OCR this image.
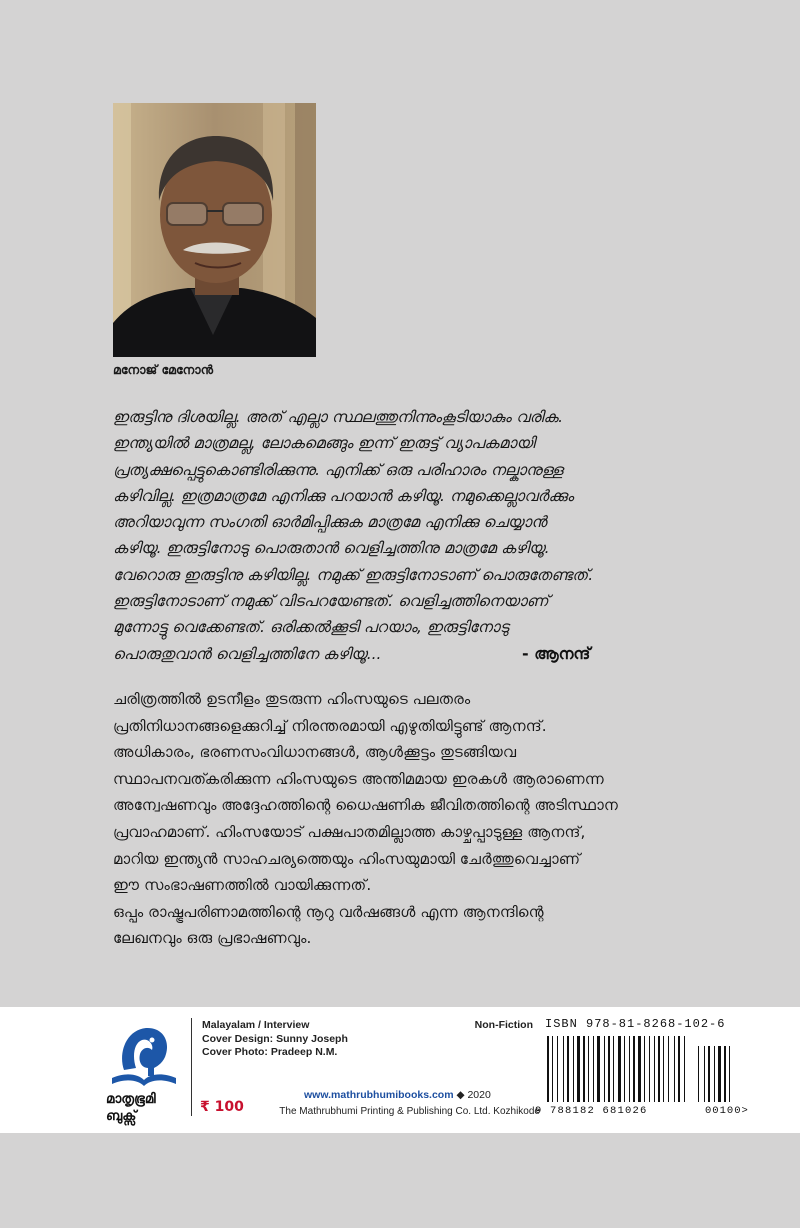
മനോജ് മേനോൻ
ഇരുട്ടിനു ദിശയില്ല. അത് എല്ലാ സ്ഥലത്തുനിന്നുംകൂടിയാകും വരിക.
ഇന്ത്യയിൽ മാത്രമല്ല, ലോകമെങ്ങും ഇന്ന് ഇരുട്ട് വ്യാപകമായി
പ്രത്യക്ഷപ്പെട്ടുകൊണ്ടിരിക്കുന്നു. എനിക്ക് ഒരു പരിഹാരം നല്കാനുള്ള
കഴിവില്ല. ഇത്രമാത്രമേ എനിക്കു പറയാൻ കഴിയൂ. നമുക്കെല്ലാവർക്കും
അറിയാവുന്ന സംഗതി ഓർമിപ്പിക്കുക മാത്രമേ എനിക്കു ചെയ്യാൻ
കഴിയൂ. ഇരുട്ടിനോടു പൊരുതാൻ വെളിച്ചത്തിനു മാത്രമേ കഴിയൂ.
വേറൊരു ഇരുട്ടിനു കഴിയില്ല. നമുക്ക് ഇരുട്ടിനോടാണ് പൊരുതേണ്ടത്.
ഇരുട്ടിനോടാണ് നമുക്ക് വിടപറയേണ്ടത്. വെളിച്ചത്തിനെയാണ്
മുന്നോട്ടു വെക്കേണ്ടത്. ഒരിക്കൽക്കൂടി പറയാം, ഇരുട്ടിനോടു
പൊരുതുവാൻ വെളിച്ചത്തിനേ കഴിയൂ...	- ആനന്ദ്
ചരിത്രത്തിൽ ഉടനീളം തുടരുന്ന ഹിംസയുടെ പലതരം
പ്രതിനിധാനങ്ങളെക്കുറിച്ച് നിരന്തരമായി എഴുതിയിട്ടുണ്ട് ആനന്ദ്.
അധികാരം, ഭരണസംവിധാനങ്ങൾ, ആൾക്കൂട്ടം തുടങ്ങിയവ
സ്ഥാപനവത്കരിക്കുന്ന ഹിംസയുടെ അന്തിമമായ ഇരകൾ ആരാണെന്ന
അന്വേഷണവും അദ്ദേഹത്തിന്റെ ധൈഷണിക ജീവിതത്തിന്റെ അടിസ്ഥാന
പ്രവാഹമാണ്. ഹിംസയോട് പക്ഷപാതമില്ലാത്ത കാഴ്ചപ്പാടുള്ള ആനന്ദ്,
മാറിയ ഇന്ത്യൻ സാഹചര്യത്തെയും ഹിംസയുമായി ചേർത്തുവെച്ചാണ്
ഈ സംഭാഷണത്തിൽ വായിക്കുന്നത്.
ഒപ്പം രാഷ്ട്രപരിണാമത്തിന്റെ നൂറു വർഷങ്ങൾ എന്ന ആനന്ദിന്റെ
ലേഖനവും ഒരു പ്രഭാഷണവും.
മാതൃഭൂമി
ബുക്സ്
Malayalam / Interview
Cover Design: Sunny Joseph
Cover Photo: Pradeep N.M.
₹ 100
Non-Fiction
www.mathrubhumibooks.com ◆ 2020
The Mathrubhumi Printing & Publishing Co. Ltd. Kozhikode
ISBN 978-81-8268-102-6
9 788182 681026	00100>
